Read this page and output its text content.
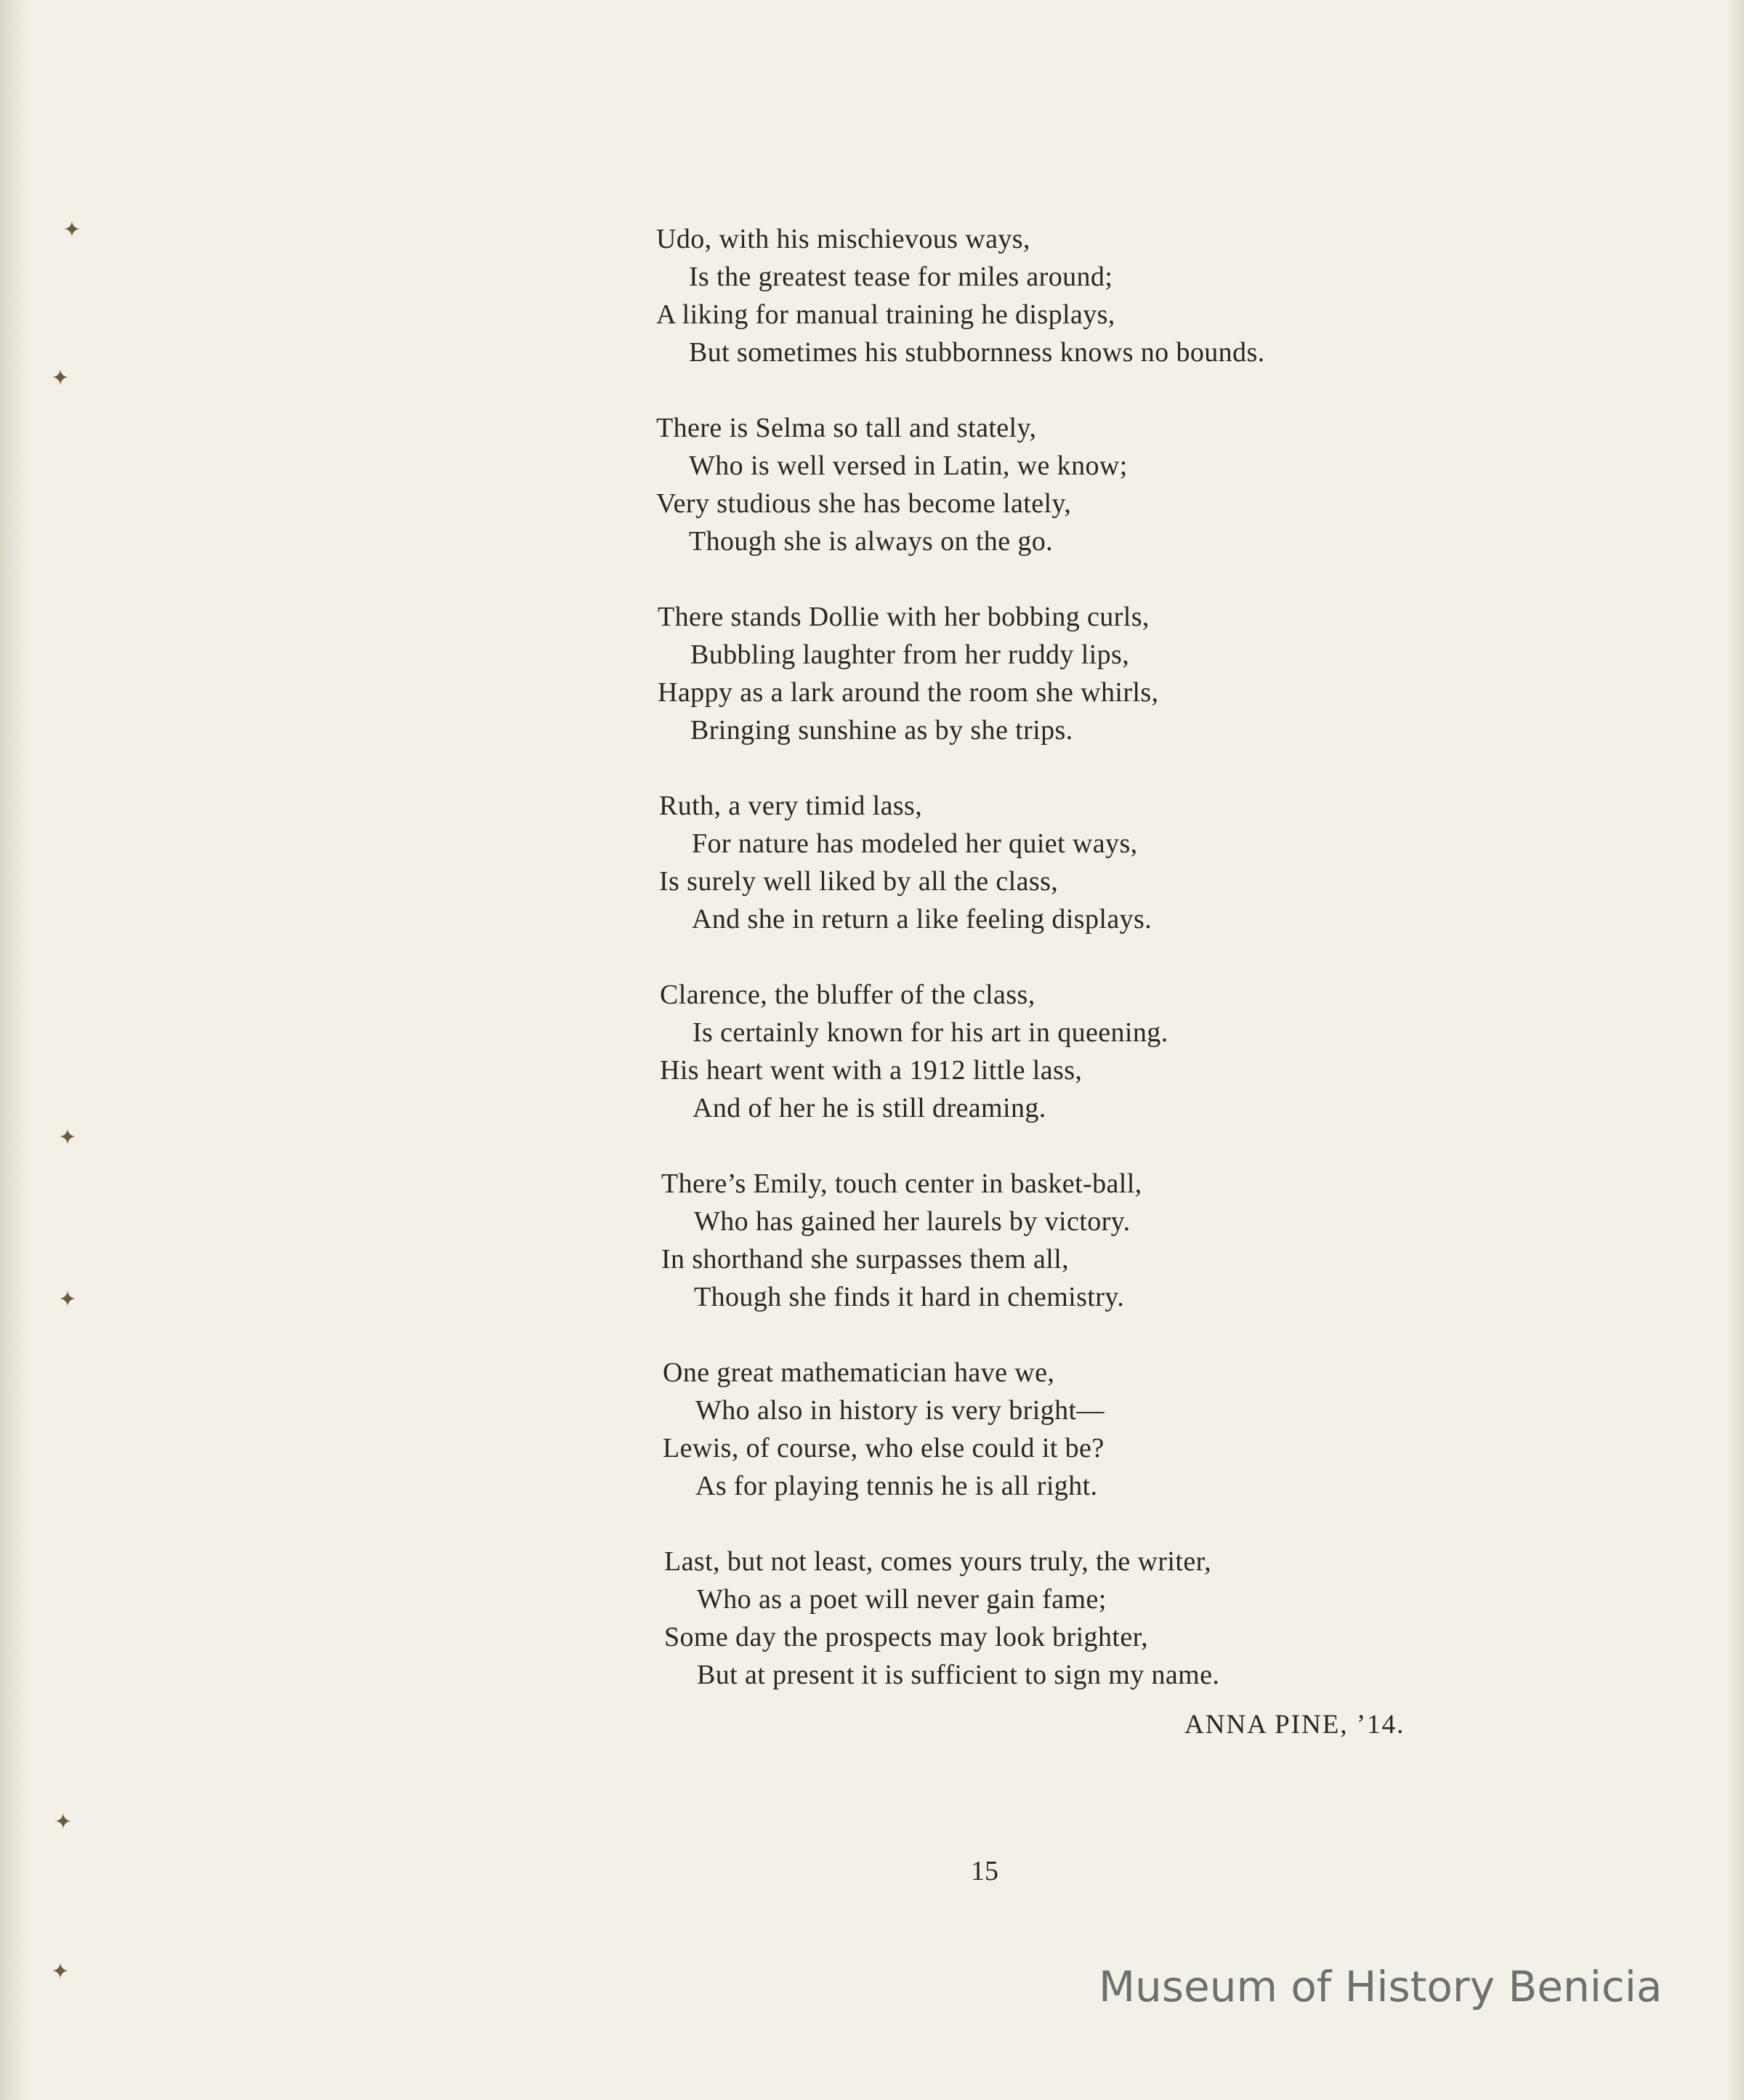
✦
✦
✦
✦
✦
✦
Udo, with his mischievous ways,
Is the greatest tease for miles around;
A liking for manual training he displays,
But sometimes his stubbornness knows no bounds.
There is Selma so tall and stately,
Who is well versed in Latin, we know;
Very studious she has become lately,
Though she is always on the go.
There stands Dollie with her bobbing curls,
Bubbling laughter from her ruddy lips,
Happy as a lark around the room she whirls,
Bringing sunshine as by she trips.
Ruth, a very timid lass,
For nature has modeled her quiet ways,
Is surely well liked by all the class,
And she in return a like feeling displays.
Clarence, the bluffer of the class,
Is certainly known for his art in queening.
His heart went with a 1912 little lass,
And of her he is still dreaming.
There’s Emily, touch center in basket-ball,
Who has gained her laurels by victory.
In shorthand she surpasses them all,
Though she finds it hard in chemistry.
One great mathematician have we,
Who also in history is very bright—
Lewis, of course, who else could it be?
As for playing tennis he is all right.
Last, but not least, comes yours truly, the writer,
Who as a poet will never gain fame;
Some day the prospects may look brighter,
But at present it is sufficient to sign my name.
ANNA PINE, ’14.
15
Museum of History Benicia
